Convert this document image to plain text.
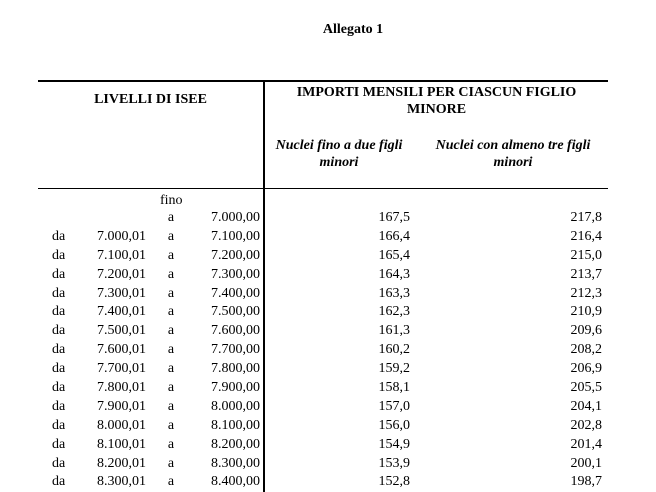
Allegato 1
LIVELLI DI ISEE	IMPORTI MENSILI PER CIASCUN FIGLIO
MINORE
Nuclei fino a due figli
minori
Nuclei con almeno tre figli
minori
fino
a	7.000,00	167,5	217,8
da	7.000,01 a	7.100,00	166,4	216,4
da	7.100,01 a	7.200,00	165,4	215,0
da	7.200,01 a	7.300,00	164,3	213,7
da	7.300,01 a	7.400,00	163,3	212,3
da	7.400,01 a	7.500,00	162,3	210,9
da	7.500,01 a	7.600,00	161,3	209,6
da	7.600,01 a	7.700,00	160,2	208,2
da	7.700,01 a	7.800,00	159,2	206,9
da	7.800,01 a	7.900,00	158,1	205,5
da	7.900,01 a	8.000,00	157,0	204,1
da	8.000,01 a	8.100,00	156,0	202,8
da	8.100,01 a	8.200,00	154,9	201,4
da	8.200,01 a	8.300,00	153,9	200,1
da	8.300,01 a	8.400,00	152,8	198,7
